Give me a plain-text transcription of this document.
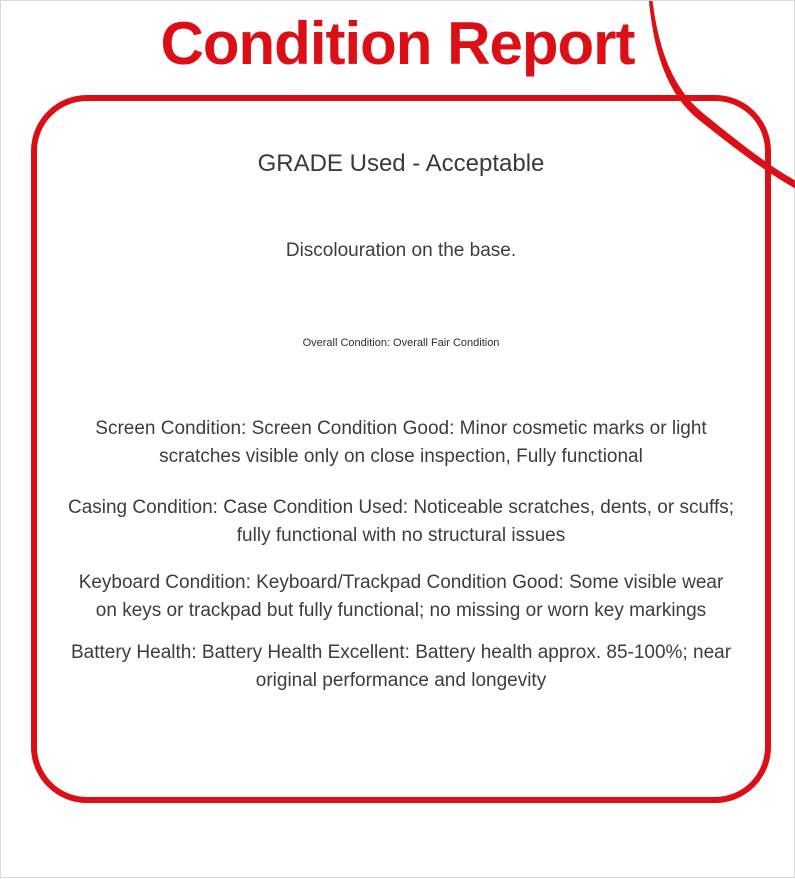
Condition Report
GRADE Used - Acceptable
Discolouration on the base.
Overall Condition: Overall Fair Condition

Screen Condition: Screen Condition Good: Minor cosmetic marks or light scratches visible only on close inspection, Fully functional

Casing Condition: Case Condition Used: Noticeable scratches, dents, or scuffs; fully functional with no structural issues

Keyboard Condition: Keyboard/Trackpad Condition Good: Some visible wear on keys or trackpad but fully functional; no missing or worn key markings

Battery Health: Battery Health Excellent: Battery health approx. 85-100%; near original performance and longevity
